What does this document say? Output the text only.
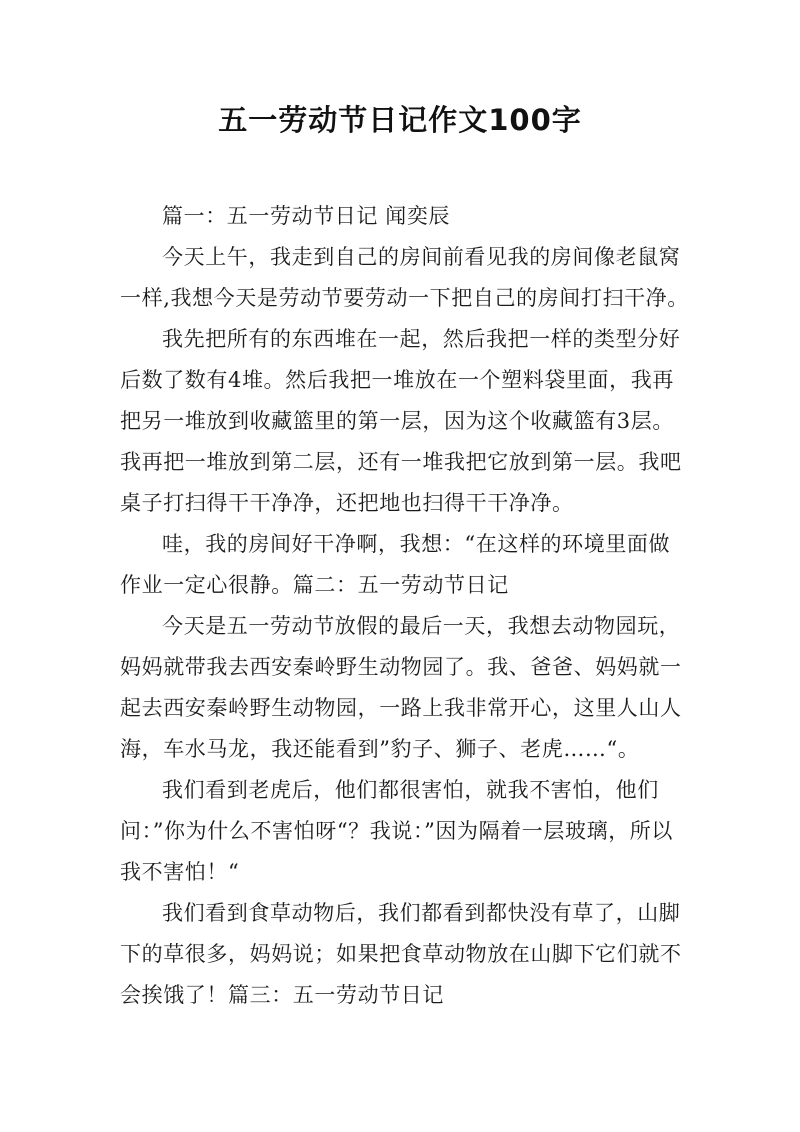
五一劳动节日记作文100字

篇一：五一劳动节日记 闻奕辰

今天上午，我走到自己的房间前看见我的房间像老鼠窝一样,我想今天是劳动节要劳动一下把自己的房间打扫干净。

我先把所有的东西堆在一起，然后我把一样的类型分好后数了数有4堆。然后我把一堆放在一个塑料袋里面，我再把另一堆放到收藏篮里的第一层，因为这个收藏篮有3层。我再把一堆放到第二层，还有一堆我把它放到第一层。我吧桌子打扫得干干净净，还把地也扫得干干净净。

哇，我的房间好干净啊，我想：“在这样的环境里面做作业一定心很静。篇二：五一劳动节日记

今天是五一劳动节放假的最后一天，我想去动物园玩，妈妈就带我去西安秦岭野生动物园了。我、爸爸、妈妈就一起去西安秦岭野生动物园，一路上我非常开心，这里人山人海，车水马龙，我还能看到”豹子、狮子、老虎……“。

我们看到老虎后，他们都很害怕，就我不害怕，他们问：”你为什么不害怕呀“？我说：”因为隔着一层玻璃，所以我不害怕！“

我们看到食草动物后，我们都看到都快没有草了，山脚下的草很多，妈妈说；如果把食草动物放在山脚下它们就不会挨饿了！篇三：五一劳动节日记
